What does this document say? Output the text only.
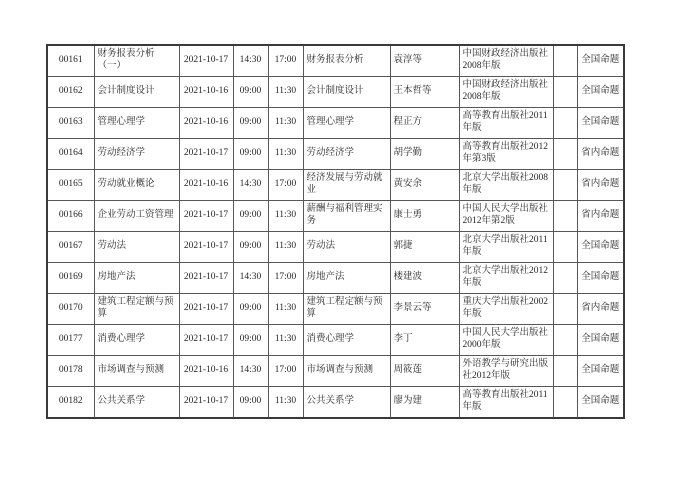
00161	财务报表分析（一）	2021-10-17	14:30	17:00	财务报表分析	袁淳等	中国财政经济出版社2008年版		全国命题
00162	会计制度设计	2021-10-16	09:00	11:30	会计制度设计	王本哲等	中国财政经济出版社2008年版		全国命题
00163	管理心理学	2021-10-16	09:00	11:30	管理心理学	程正方	高等教育出版社2011年版		全国命题
00164	劳动经济学	2021-10-17	09:00	11:30	劳动经济学	胡学勤	高等教育出版社2012年第3版		省内命题
00165	劳动就业概论	2021-10-16	14:30	17:00	经济发展与劳动就业	黄安余	北京大学出版社2008年版		省内命题
00166	企业劳动工资管理	2021-10-17	09:00	11:30	薪酬与福利管理实务	康士勇	中国人民大学出版社2012年第2版		省内命题
00167	劳动法	2021-10-17	09:00	11:30	劳动法	郭捷	北京大学出版社2011年版		全国命题
00169	房地产法	2021-10-17	14:30	17:00	房地产法	楼建波	北京大学出版社2012年版		全国命题
00170	建筑工程定额与预算	2021-10-17	09:00	11:30	建筑工程定额与预算	李景云等	重庆大学出版社2002年版		省内命题
00177	消费心理学	2021-10-17	09:00	11:30	消费心理学	李丁	中国人民大学出版社2000年版		全国命题
00178	市场调查与预测	2021-10-16	14:30	17:00	市场调查与预测	周筱莲	外语教学与研究出版社2012年版		全国命题
00182	公共关系学	2021-10-17	09:00	11:30	公共关系学	廖为建	高等教育出版社2011年版		全国命题
